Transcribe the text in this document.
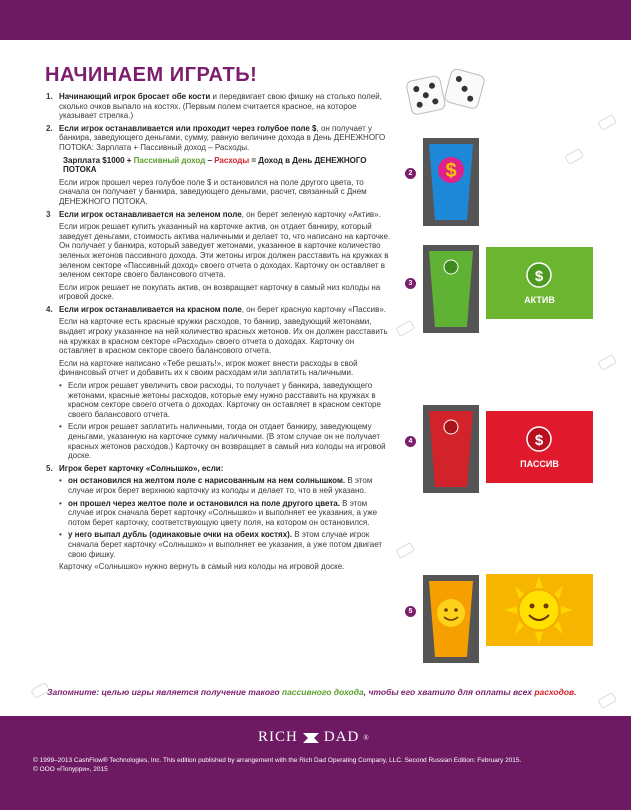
НАЧИНАЕМ ИГРАТЬ!
1. Начинающий игрок бросает обе кости и передвигает свою фишку на столько полей, сколько очков выпало на костях. (Первым полем считается красное, на которое указывает стрелка.)

2. Если игрок останавливается или проходит через голубое поле $, он получает у банкира, заведующего деньгами, сумму, равную величине дохода в День ДЕНЕЖНОГО ПОТОКА: Зарплата + Пассивный доход – Расходы.

Зарплата $1000 + Пассивный доход – Расходы = Доход в День ДЕНЕЖНОГО ПОТОКА

Если игрок прошел через голубое поле $ и остановился на поле другого цвета, то сначала он получает у банкира, заведующего деньгами, расчет, связанный с Днем ДЕНЕЖНОГО ПОТОКА.

3 Если игрок останавливается на зеленом поле, он берет зеленую карточку «Актив».

Если игрок решает купить указанный на карточке актив, он отдает банкиру, который заведует деньгами, стоимость актива наличными и делает то, что написано на карточке. Он получает у банкира, который заведует жетонами, указанное в карточке количество зеленых жетонов пассивного дохода. Эти жетоны игрок должен расставить на кружках в зеленом секторе «Пассивный доход» своего отчета о доходах. Карточку он оставляет в зеленом секторе своего балансового отчета.

Если игрок решает не покупать актив, он возвращает карточку в самый низ колоды на игровой доске.

4. Если игрок останавливается на красном поле, он берет красную карточку «Пассив».

Если на карточке есть красные кружки расходов, то банкир, заведующий жетонами, выдает игроку указанное на ней количество красных жетонов. Их он должен расставить на кружках в красном секторе «Расходы» своего отчета о доходах. Карточку он оставляет в красном секторе своего балансового отчета.

Если на карточке написано «Тебе решать!», игрок может внести расходы в свой финансовый отчет и добавить их к своим расходам или заплатить наличными.

• Если игрок решает увеличить свои расходы, то получает у банкира, заведующего жетонами, красные жетоны расходов, которые ему нужно расставить на кружках в красном секторе своего отчета о доходах. Карточку он оставляет в красном секторе своего балансового отчета.
• Если игрок решает заплатить наличными, тогда он отдает банкиру, заведующему деньгами, указанную на карточке сумму наличными. (В этом случае он не получает красных жетонов расходов.) Карточку он возвращает в самый низ колоды на игровой доске.
5. Игрок берет карточку «Солнышко», если:

• он остановился на желтом поле с нарисованным на нем солнышком. В этом случае игрок берет верхнюю карточку из колоды и делает то, что в ней указано.
• он прошел через желтое поле и остановился на поле другого цвета. В этом случае игрок сначала берет карточку «Солнышко» и выполняет ее указания, а уже потом берет карточку, соответствующую цвету поля, на котором он остановился.
• у него выпал дубль (одинаковые очки на обеих костях). В этом случае игрок сначала берет карточку «Солнышко» и выполняет ее указания, а уже потом двигает свою фишку.

Карточку «Солнышко» нужно вернуть в самый низ колоды на игровой доске.

2
3
4
5
$
$
АКТИВ
$
ПАССИВ

Запомните: целью игры является получение такого пассивного дохода, чтобы его хватило для оплаты всех расходов.

RICH DAD ®
© 1999–2013 CashFlow® Technologies, Inc. This edition published by arrangement with the Rich Dad Operating Company, LLC. Second Russian Edition: February 2015.
© ООО «Попурри», 2015
